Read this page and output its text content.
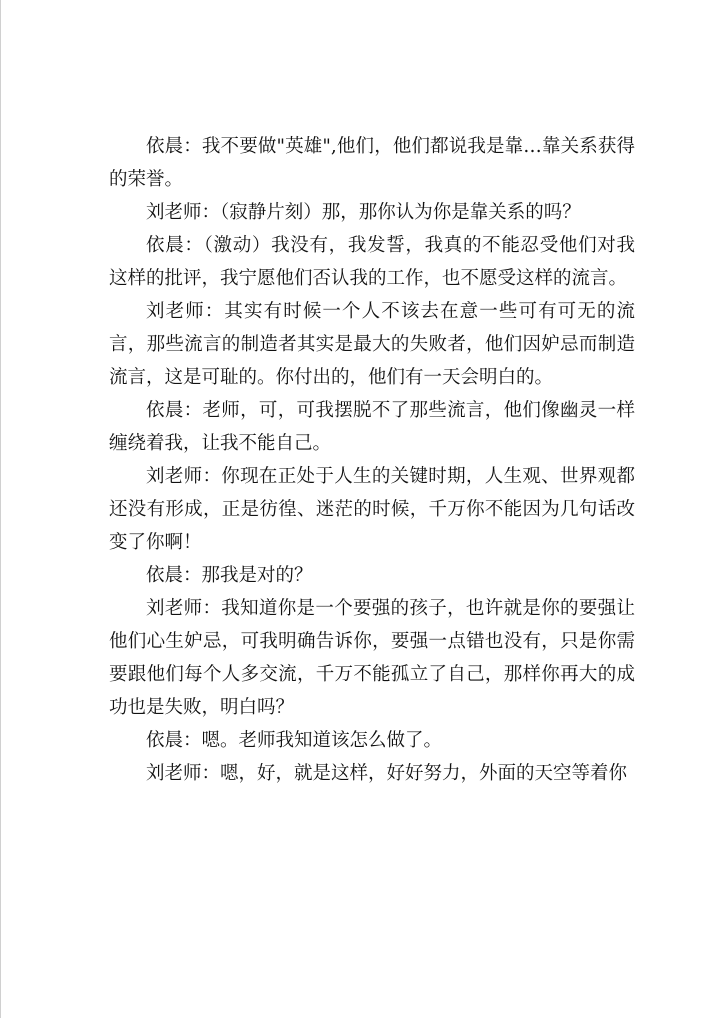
依晨：我不要做"英雄",他们，他们都说我是靠…靠关系获得的荣誉。

刘老师：（寂静片刻）那，那你认为你是靠关系的吗？

依晨：（激动）我没有，我发誓，我真的不能忍受他们对我这样的批评，我宁愿他们否认我的工作，也不愿受这样的流言。

刘老师：其实有时候一个人不该去在意一些可有可无的流言，那些流言的制造者其实是最大的失败者，他们因妒忌而制造流言，这是可耻的。你付出的，他们有一天会明白的。

依晨：老师，可，可我摆脱不了那些流言，他们像幽灵一样缠绕着我，让我不能自己。

刘老师：你现在正处于人生的关键时期，人生观、世界观都还没有形成，正是彷徨、迷茫的时候，千万你不能因为几句话改变了你啊！

依晨：那我是对的？

刘老师：我知道你是一个要强的孩子，也许就是你的要强让他们心生妒忌，可我明确告诉你，要强一点错也没有，只是你需要跟他们每个人多交流，千万不能孤立了自己，那样你再大的成功也是失败，明白吗？

依晨：嗯。老师我知道该怎么做了。

刘老师：嗯，好，就是这样，好好努力，外面的天空等着你
